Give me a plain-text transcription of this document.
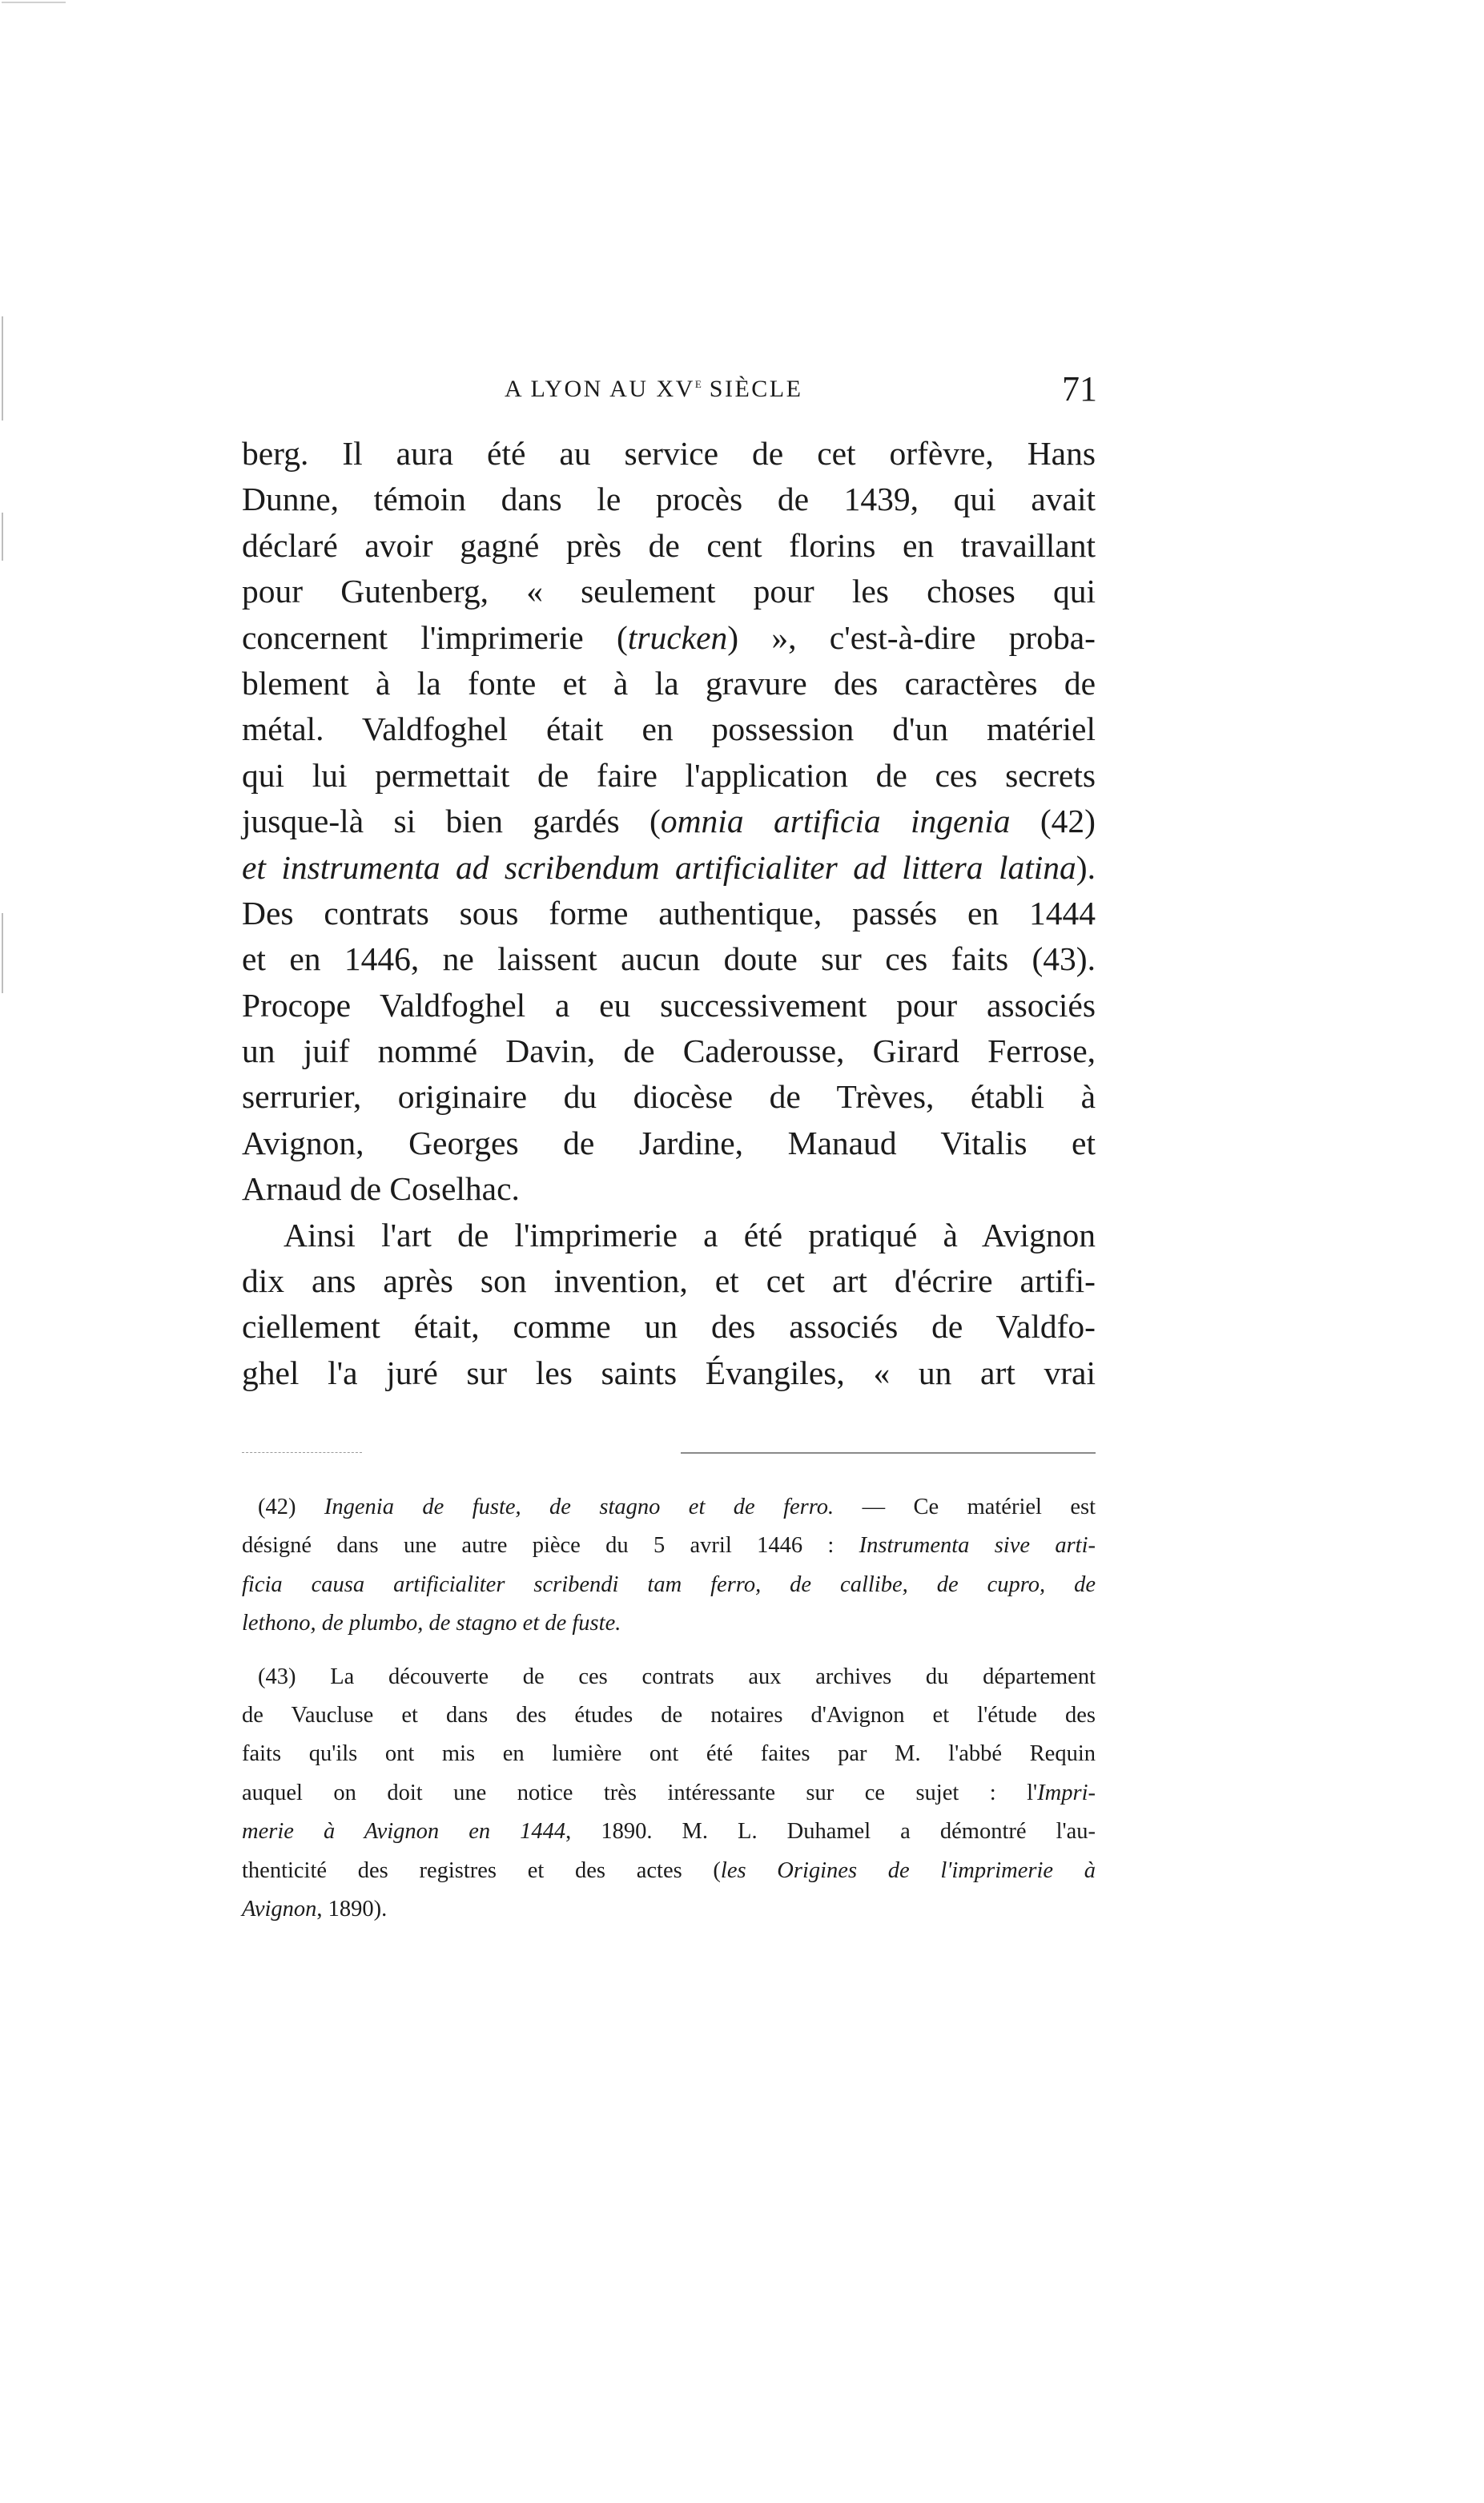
A LYON AU XVe SIÈCLE	71
berg. Il aura été au service de cet orfèvre, Hans
Dunne, témoin dans le procès de 1439, qui avait
déclaré avoir gagné près de cent florins en travaillant
pour Gutenberg, « seulement pour les choses qui
concernent l'imprimerie (trucken) », c'est-à-dire proba-
blement à la fonte et à la gravure des caractères de
métal. Valdfoghel était en possession d'un matériel
qui lui permettait de faire l'application de ces secrets
jusque-là si bien gardés (omnia artificia ingenia (42)
et instrumenta ad scribendum artificialiter ad littera latina).
Des contrats sous forme authentique, passés en 1444
et en 1446, ne laissent aucun doute sur ces faits (43).
Procope Valdfoghel a eu successivement pour associés
un juif nommé Davin, de Caderousse, Girard Ferrose,
serrurier, originaire du diocèse de Trèves, établi à
Avignon, Georges de Jardine, Manaud Vitalis et
Arnaud de Coselhac.
Ainsi l'art de l'imprimerie a été pratiqué à Avignon
dix ans après son invention, et cet art d'écrire artifi-
ciellement était, comme un des associés de Valdfo-
ghel l'a juré sur les saints Évangiles, « un art vrai
(42) Ingenia de fuste, de stagno et de ferro. — Ce matériel est
désigné dans une autre pièce du 5 avril 1446 : Instrumenta sive arti-
ficia causa artificialiter scribendi tam ferro, de callibe, de cupro, de
lethono, de plumbo, de stagno et de fuste.
(43) La découverte de ces contrats aux archives du département
de Vaucluse et dans des études de notaires d'Avignon et l'étude des
faits qu'ils ont mis en lumière ont été faites par M. l'abbé Requin
auquel on doit une notice très intéressante sur ce sujet : l'Impri-
merie à Avignon en 1444, 1890. M. L. Duhamel a démontré l'au-
thenticité des registres et des actes (les Origines de l'imprimerie à
Avignon, 1890).
